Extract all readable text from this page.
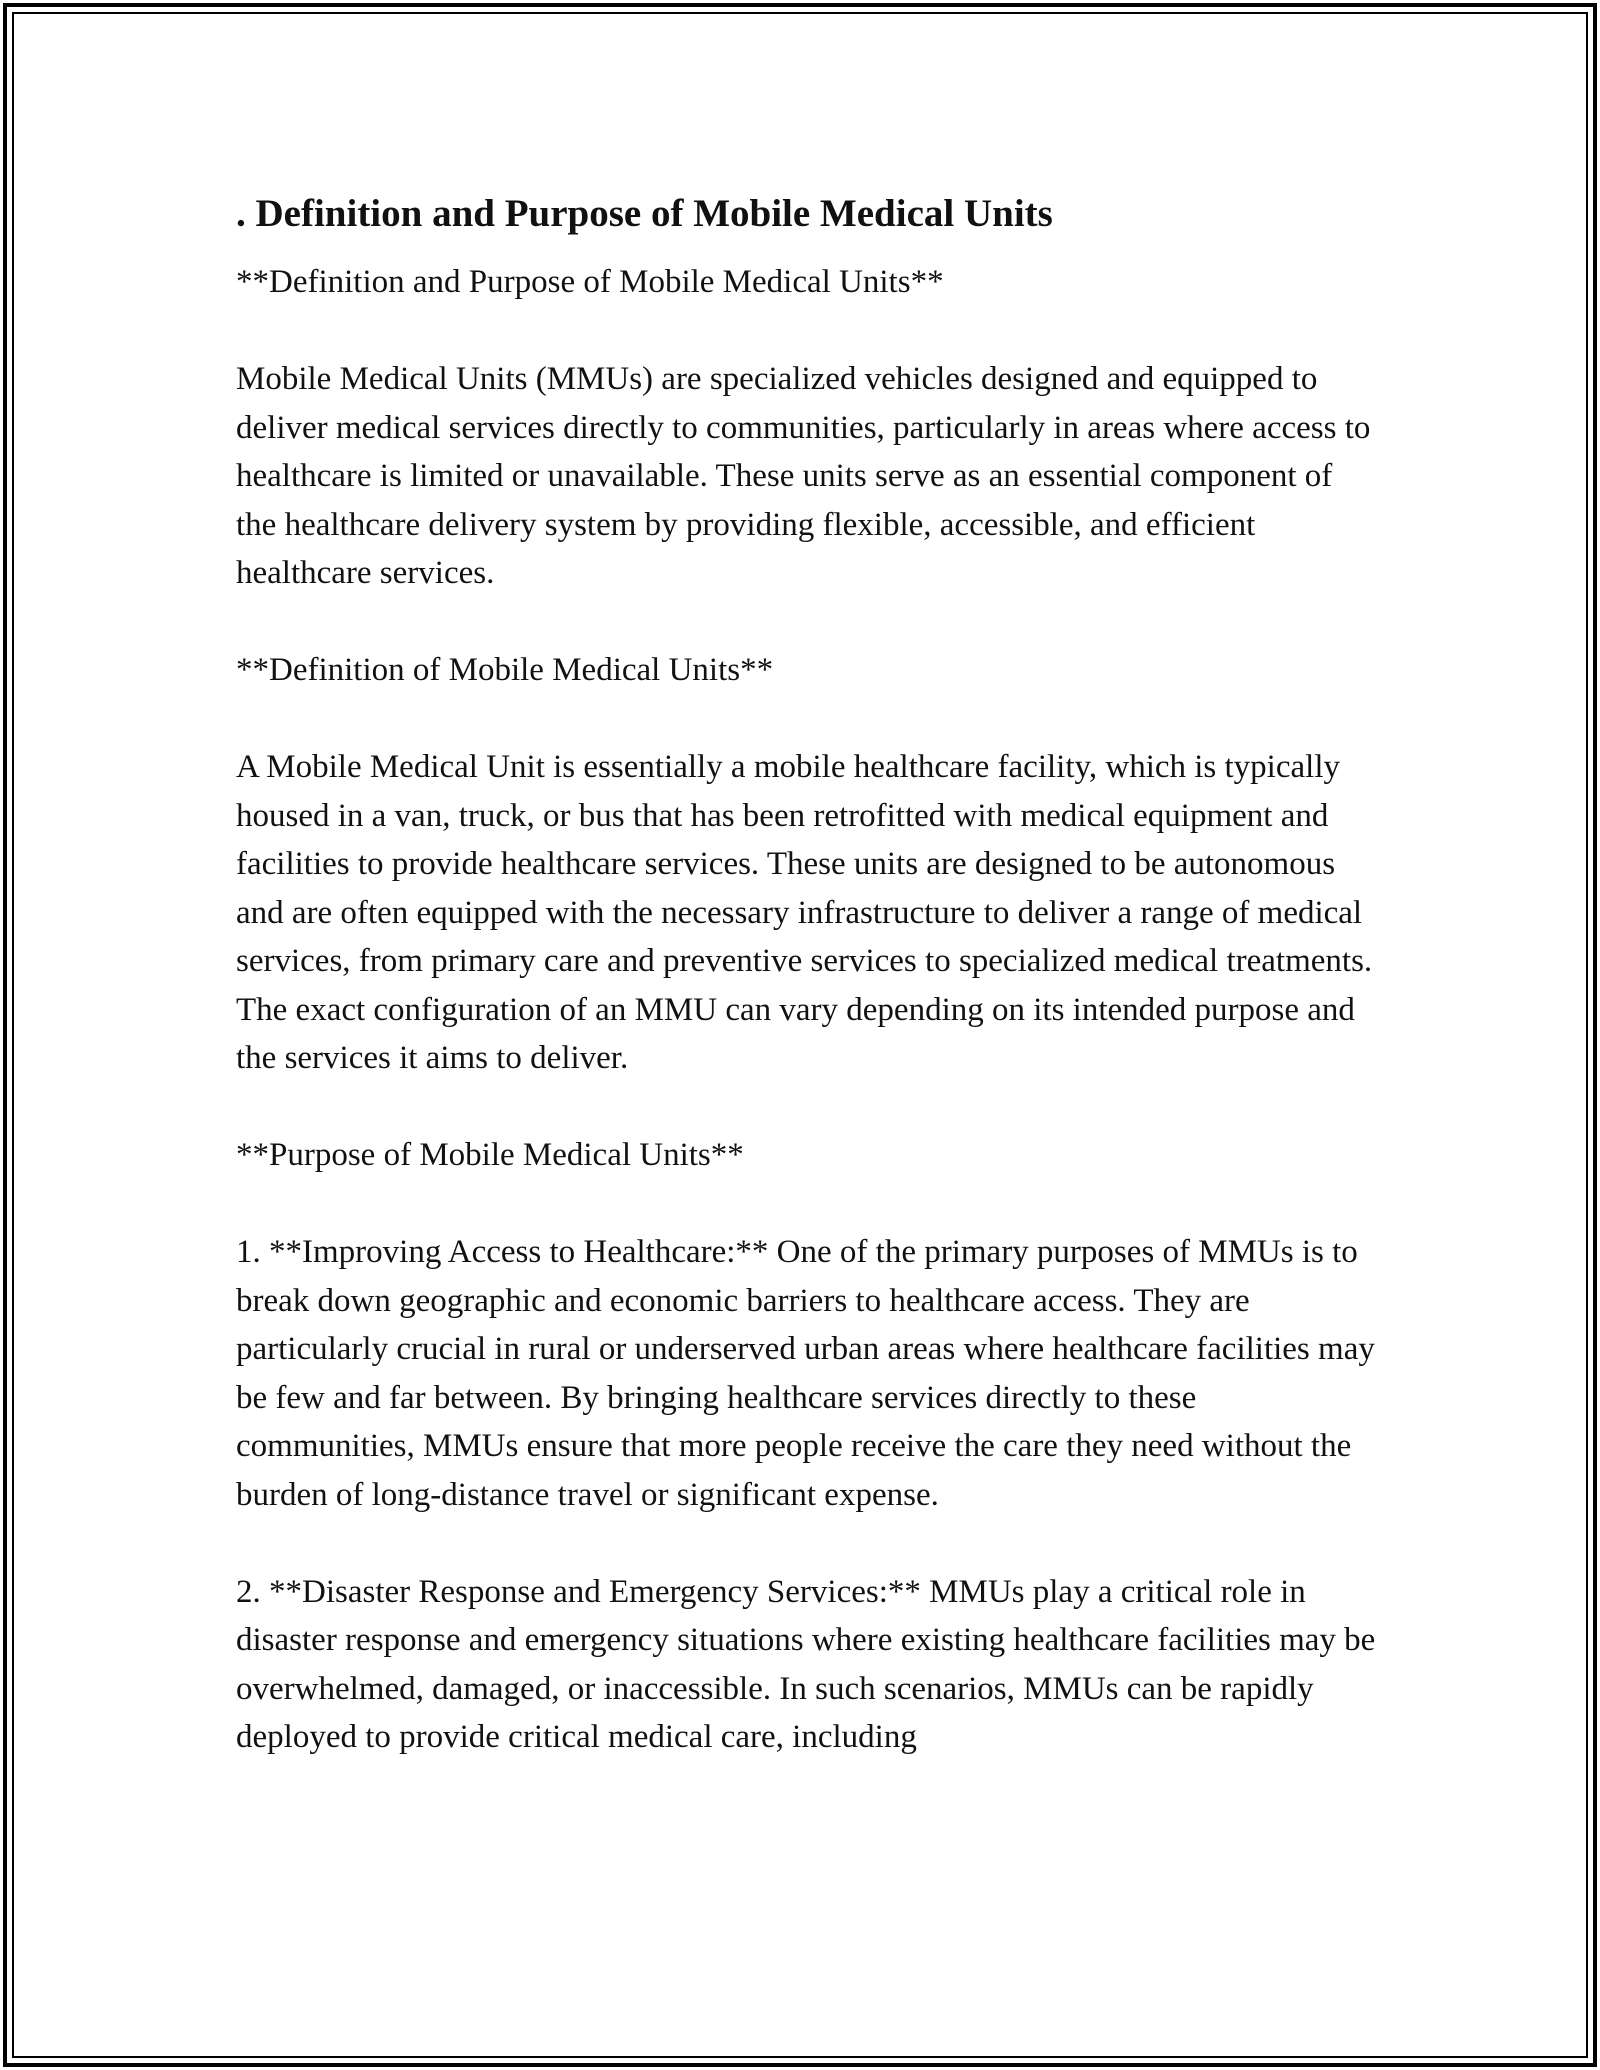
. Definition and Purpose of Mobile Medical Units

**Definition and Purpose of Mobile Medical Units**

Mobile Medical Units (MMUs) are specialized vehicles designed and equipped to deliver medical services directly to communities, particularly in areas where access to healthcare is limited or unavailable. These units serve as an essential component of the healthcare delivery system by providing flexible, accessible, and efficient healthcare services.

**Definition of Mobile Medical Units**

A Mobile Medical Unit is essentially a mobile healthcare facility, which is typically housed in a van, truck, or bus that has been retrofitted with medical equipment and facilities to provide healthcare services. These units are designed to be autonomous and are often equipped with the necessary infrastructure to deliver a range of medical services, from primary care and preventive services to specialized medical treatments. The exact configuration of an MMU can vary depending on its intended purpose and the services it aims to deliver.

**Purpose of Mobile Medical Units**

1. **Improving Access to Healthcare:** One of the primary purposes of MMUs is to break down geographic and economic barriers to healthcare access. They are particularly crucial in rural or underserved urban areas where healthcare facilities may be few and far between. By bringing healthcare services directly to these communities, MMUs ensure that more people receive the care they need without the burden of long-distance travel or significant expense.

2. **Disaster Response and Emergency Services:** MMUs play a critical role in disaster response and emergency situations where existing healthcare facilities may be overwhelmed, damaged, or inaccessible. In such scenarios, MMUs can be rapidly deployed to provide critical medical care, including
